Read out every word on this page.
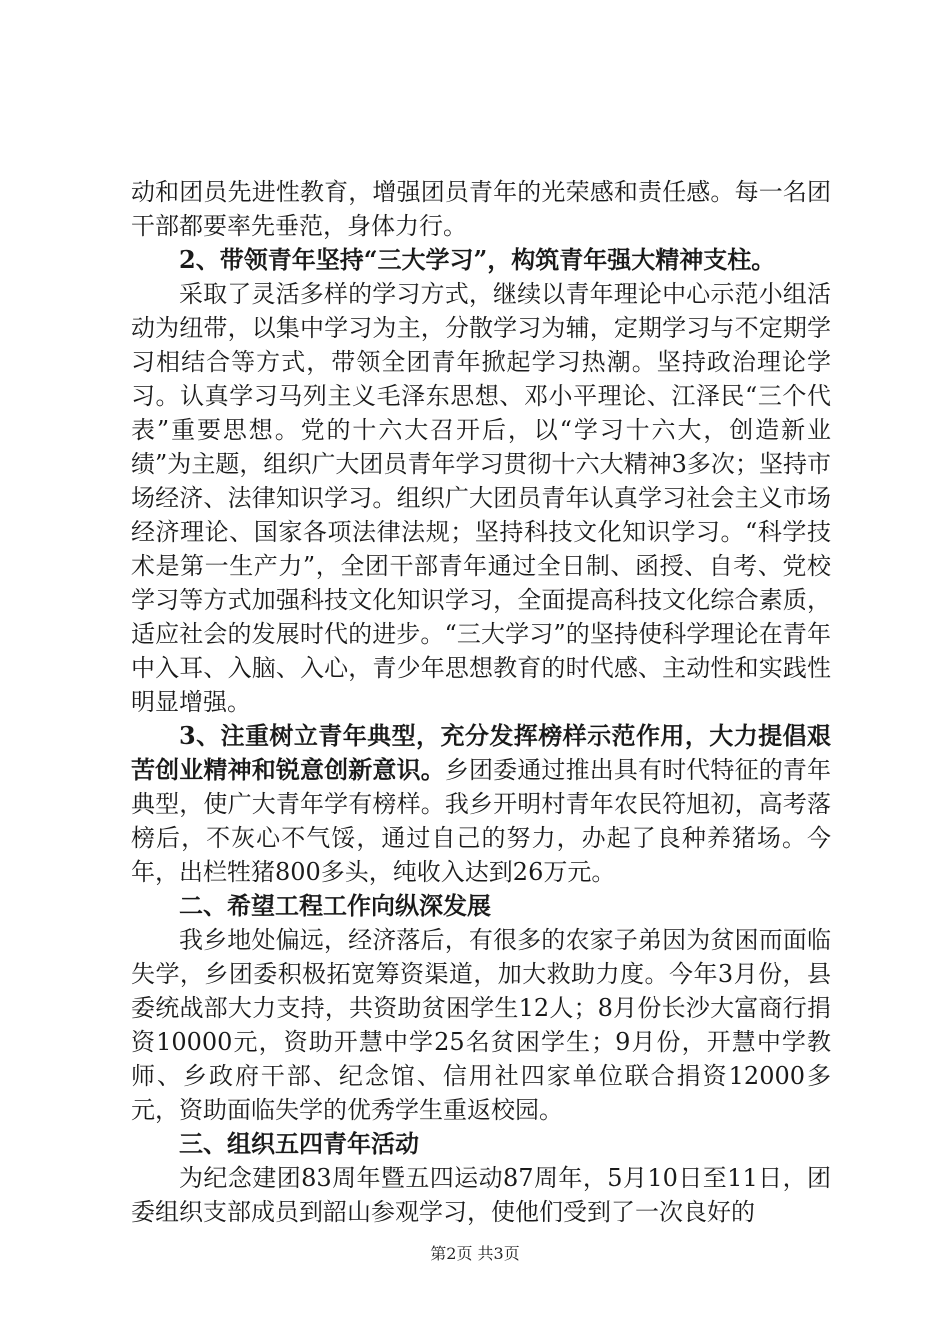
动和团员先进性教育，增强团员青年的光荣感和责任感。每一名团干部都要率先垂范，身体力行。

2、带领青年坚持“三大学习”，构筑青年强大精神支柱。

采取了灵活多样的学习方式，继续以青年理论中心示范小组活动为纽带，以集中学习为主，分散学习为辅，定期学习与不定期学习相结合等方式，带领全团青年掀起学习热潮。坚持政治理论学习。认真学习马列主义毛泽东思想、邓小平理论、江泽民“三个代表”重要思想。党的十六大召开后，以“学习十六大，创造新业绩”为主题，组织广大团员青年学习贯彻十六大精神3多次；坚持市场经济、法律知识学习。组织广大团员青年认真学习社会主义市场经济理论、国家各项法律法规；坚持科技文化知识学习。“科学技术是第一生产力”，全团干部青年通过全日制、函授、自考、党校学习等方式加强科技文化知识学习，全面提高科技文化综合素质，适应社会的发展时代的进步。“三大学习”的坚持使科学理论在青年中入耳、入脑、入心，青少年思想教育的时代感、主动性和实践性明显增强。

3、注重树立青年典型，充分发挥榜样示范作用，大力提倡艰苦创业精神和锐意创新意识。乡团委通过推出具有时代特征的青年典型，使广大青年学有榜样。我乡开明村青年农民符旭初，高考落榜后，不灰心不气馁，通过自己的努力，办起了良种养猪场。今年，出栏牲猪800多头，纯收入达到26万元。

二、希望工程工作向纵深发展

我乡地处偏远，经济落后，有很多的农家子弟因为贫困而面临失学，乡团委积极拓宽筹资渠道，加大救助力度。今年3月份，县委统战部大力支持，共资助贫困学生12人；8月份长沙大富商行捐资10000元，资助开慧中学25名贫困学生；9月份，开慧中学教师、乡政府干部、纪念馆、信用社四家单位联合捐资12000多元，资助面临失学的优秀学生重返校园。

三、组织五四青年活动

为纪念建团83周年暨五四运动87周年，5月10日至11日，团委组织支部成员到韶山参观学习，使他们受到了一次良好的

第2页 共3页
